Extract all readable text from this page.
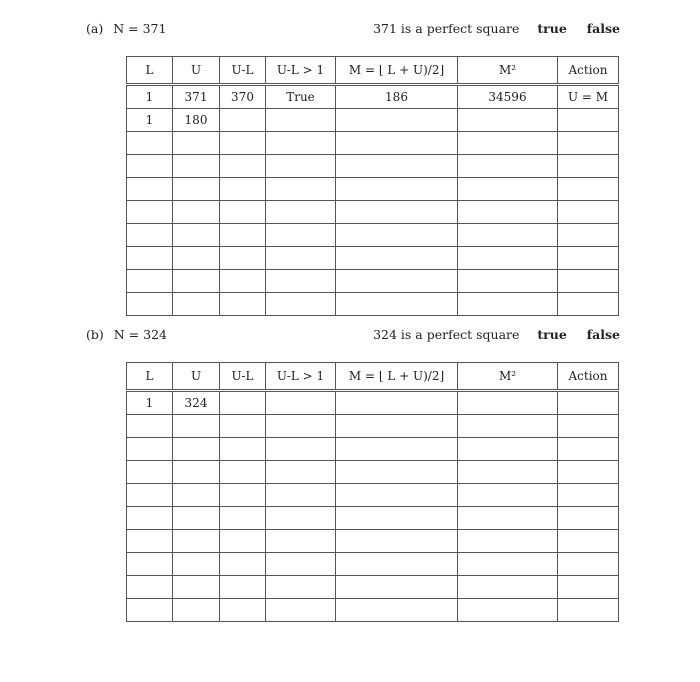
(a) N = 371	371 is a perfect square true false
L	U	U-L	U-L > 1	M = ⌊ L + U)/2⌋	M²	Action
1	371	370	True	186	34596	U = M
1	180					

(b) N = 324	324 is a perfect square true false
L	U	U-L	U-L > 1	M = ⌊ L + U)/2⌋	M²	Action
1	324					
